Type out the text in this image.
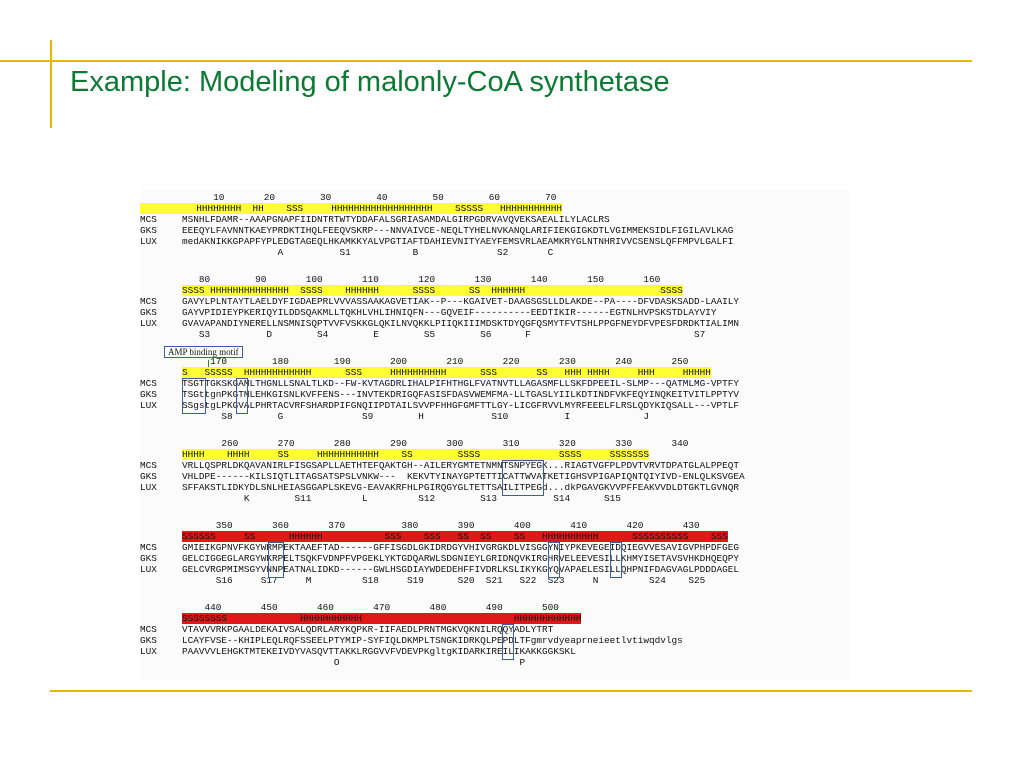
Example: Modeling of malonly-CoA synthetase
10       20        30        40        50        60        70
HHHHHHHH  HH    SSS     HHHHHHHHHHHHHHHHHH    SSSSS   HHHHHHHHHHH
MCS	MSNHLFDAMR--AAAPGNAPFIIDNTRTWTYDDAFALSGRIASAMDALGIRPGDRVAVQVEKSAEALILYLACLRS
GKS	EEEQYLFAVNNTKAEYPRDKTIHQLFEEQVSKRP---NNVAIVCE-NEQLTYHELNVKANQLARIFIEKGIGKDTLVGIMMEKSIDLFIGILAVLKAG
LUX	medAKNIKKGPAPFYPLEDGTAGEQLHKAMKKYALVPGTIAFTDAHIEVNITYAEYFEMSVRLAEAMKRYGLNTNHRIVVCSENSLQFFMPVLGALFI
A          S1           B              S2       C
80        90       100       110       120       130       140       150       160
SSSS HHHHHHHHHHHHHH  SSSS    HHHHHH      SSSS      SS  HHHHHH                        SSSS
MCS	GAVYLPLNTAYTLAELDYFIGDAEPRLVVVASSAAKAGVETIAK--P---KGAIVET-DAAGSGSLLDLAKDE--PA----DFVDASKSADD-LAAILY
GKS	GAYVPIDIEYPKERIQYILDDSQAKMLLTQKHLVHLIHNIQFN---GQVEIF----------EEDTIKIR------EGTNLHVPSKSTDLAYVIY
LUX	GVAVAPANDIYNERELLNSMNISQPTVVFVSKKGLQKILNVQKKLPIIQKIIIMDSKTDYQGFQSMYTFVTSHLPPGFNEYDFVPESFDRDKTIALIMN
S3          D        S4        E        S5        S6      F                             S7
AMP binding motif
170        180        190       200       210       220       230       240       250
S   SSSSS  HHHHHHHHHHHH      SSS     HHHHHHHHHH      SSS       SS   HHH HHHH     HHH     HHHHH
MCS	TSGTTGKSKGAMLTHGNLLSNALTLKD--FW-KVTAGDRLIHALPIFHTHGLFVATNVTLLAGASMFLLSKFDPEEIL-SLMP---QATMLMG-VPTFY
GKS	TSGttgnPKGTMLEHKGISNLKVFFENS---INVTEKDRIGQFASISFDASVWEMFMA-LLTGASLYIILKDTINDFVKFEQYINQKEITVITLPPTYV
LUX	SSgstgLPKGVALPHRTACVRFSHARDPIFGNQIIPDTAILSVVPFHHGFGMFTTLGY-LICGFRVVLMYRFEEELFLRSLQDYKIQSALL---VPTLF
S8        G              S9        H            S10          I             J
260       270       280       290       300       310       320       330       340
HHHH    HHHH     SS     HHHHHHHHHHH    SS        SSSS              SSSS     SSSSSSS
MCS	VRLLQSPRLDKQAVANIRLFISGSAPLLAETHTEFQAKTGH--AILERYGMTETNMNTSNPYEGK...RIAGTVGFPLPDVTVRVTDPATGLALPPEQT
GKS	VHLDPE------KILSIQTLITAGSATSPSLVNKW---  KEKVTYINAYGPTETTICATTWVATKETIGHSVPIGAPIQNTQIYIVD-ENLQLKSVGEA
LUX	SFFAKSTLIDKYDLSNLHEIASGGAPLSKEVG-EAVAKRFHLPGIRQGYGLTETTSAILITPEGd...dkPGAVGKVVPFFEAKVVDLDTGKTLGVNQR
K        S11         L         S12        S13          S14      S15
350       360       370          380       390       400       410       420       430
SSSSSS     SS      HHHHHH           SSS    SSS   SS  SS    SS   HHHHHHHHHH      SSSSSSSSSS    SSS
MCS	GMIEIKGPNVFKGYWRMPEKTAAEFTAD------GFFISGDLGKIDRDGYVHIVGRGKDLVISGGYNIYPKEVEGEIDQIEGVVESAVIGVPHPDFGEG
GKS	GELCIGGEGLARGYWKRPELTSQKFVDNPFVPGEKLYKTGDQARWLSDGNIEYLGRIDNQVKIRGHRVELEEVESILLKHMYISETAVSVHKDHQEQPY
LUX	GELCVRGPMIMSGYVNNPEATNALIDKD------GWLHSGDIAYWDEDEHFFIVDRLKSLIKYKGYQVAPAELESILLQHPNIFDAGVAGLPDDDAGEL
S16     S17     M         S18     S19      S20  S21   S22  S23     N         S24    S25
440       450       460       470       480       490       500
SSSSSSSS             HHHHHHHHHHH                           HHHHHHHHHHHH
MCS	VTAVVVRKPGAALDEKAIVSALQDRLARYKQPKR-IIFAEDLPRNTMGKVQKNILRQQYADLYTRT
GKS	LCAYFVSE--KHIPLEQLRQFSSEELPTYMIP-SYFIQLDKMPLTSNGKIDRKQLPEPDLTFgmrvdyeaprneieetlvtiwqdvlgs
LUX	PAAVVVLEHGKTMTEKEIVDYVASQVTTAKKLRGGVVFVDEVPKgltgKIDARKIREILIKAKKGGKSKL
O                                P
